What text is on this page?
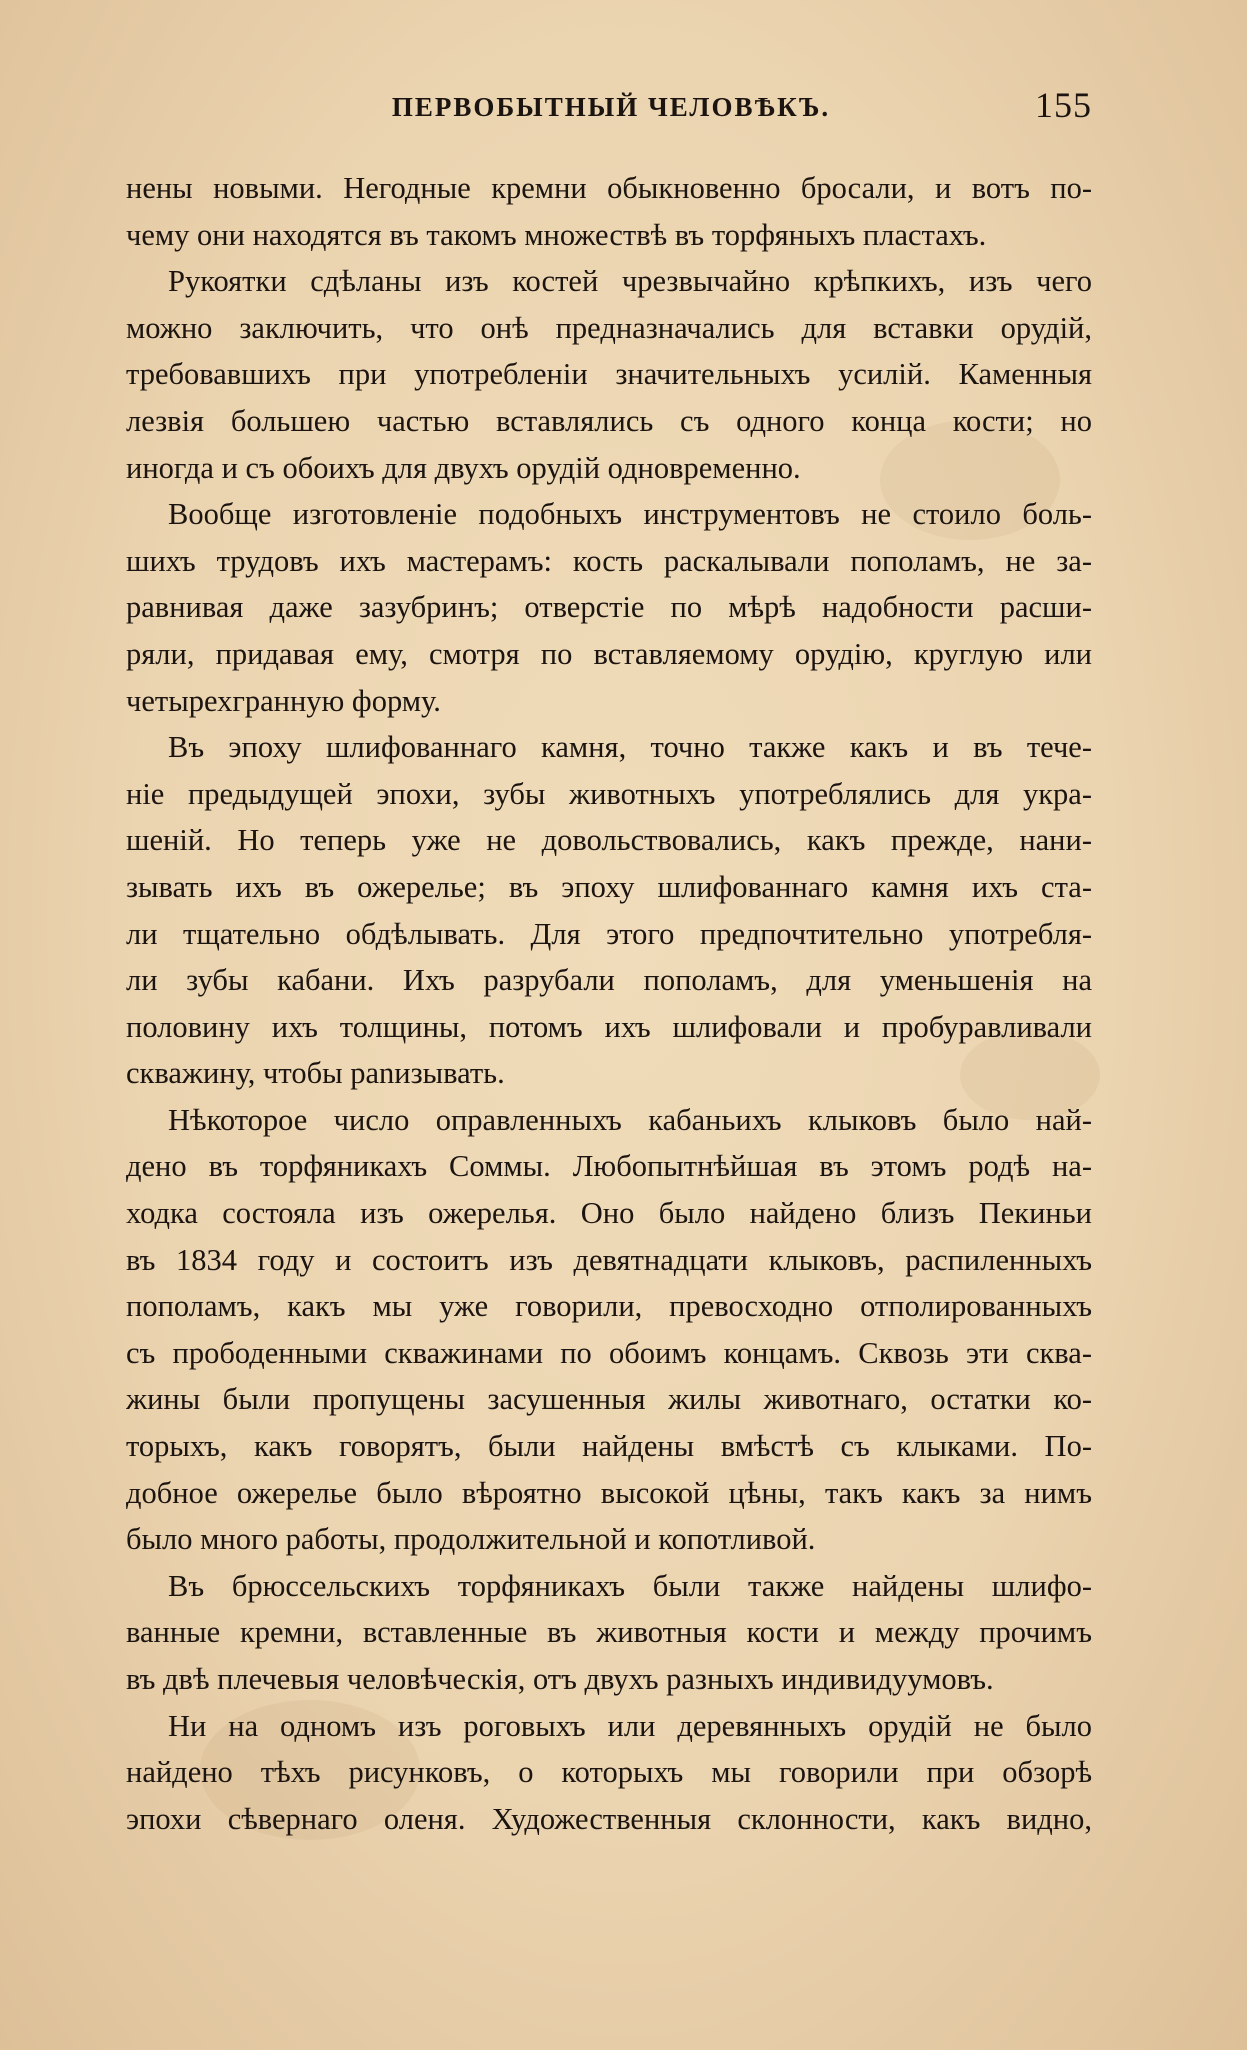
ПЕРВОБЫТНЫЙ ЧЕЛОВѢКЪ.	155
нены новыми. Негодные кремни обыкновенно бросали, и вотъ по-
чему они находятся въ такомъ множествѣ въ торфяныхъ пластахъ.
Рукоятки сдѣланы изъ костей чрезвычайно крѣпкихъ, изъ чего
можно заключить, что онѣ предназначались для вставки орудій,
требовавшихъ при употребленіи значительныхъ усилій. Каменныя
лезвія большею частью вставлялись съ одного конца кости; но
иногда и съ обоихъ для двухъ орудій одновременно.
Вообще изготовленіе подобныхъ инструментовъ не стоило боль-
шихъ трудовъ ихъ мастерамъ: кость раскалывали пополамъ, не за-
равнивая даже зазубринъ; отверстіе по мѣрѣ надобности расши-
ряли, придавая ему, смотря по вставляемому орудію, круглую или
четырехгранную форму.
Въ эпоху шлифованнаго камня, точно также какъ и въ тече-
ніе предыдущей эпохи, зубы животныхъ употреблялись для укра-
шеній. Но теперь уже не довольствовались, какъ прежде, нани-
зывать ихъ въ ожерелье; въ эпоху шлифованнаго камня ихъ ста-
ли тщательно обдѣлывать. Для этого предпочтительно употребля-
ли зубы кабани. Ихъ разрубали пополамъ, для уменьшенія на
половину ихъ толщины, потомъ ихъ шлифовали и пробуравливали
скважину, чтобы panизывать.
Нѣкоторое число оправленныхъ кабаньихъ клыковъ было най-
дено въ торфяникахъ Соммы. Любопытнѣйшая въ этомъ родѣ на-
ходка состояла изъ ожерелья. Оно было найдено близъ Пекиньи
въ 1834 году и состоитъ изъ девятнадцати клыковъ, распиленныхъ
пополамъ, какъ мы уже говорили, превосходно отполированныхъ
съ прободенными скважинами по обоимъ концамъ. Сквозь эти сква-
жины были пропущены засушенныя жилы животнаго, остатки ко-
торыхъ, какъ говорятъ, были найдены вмѣстѣ съ клыками. По-
добное ожерелье было вѣроятно высокой цѣны, такъ какъ за нимъ
было много работы, продолжительной и копотливой.
Въ брюссельскихъ торфяникахъ были также найдены шлифо-
ванные кремни, вставленные въ животныя кости и между прочимъ
въ двѣ плечевыя человѣческія, отъ двухъ разныхъ индивидуумовъ.
Ни на одномъ изъ роговыхъ или деревянныхъ орудій не было
найдено тѣхъ рисунковъ, о которыхъ мы говорили при обзорѣ
эпохи сѣвернаго оленя. Художественныя склонности, какъ видно,
